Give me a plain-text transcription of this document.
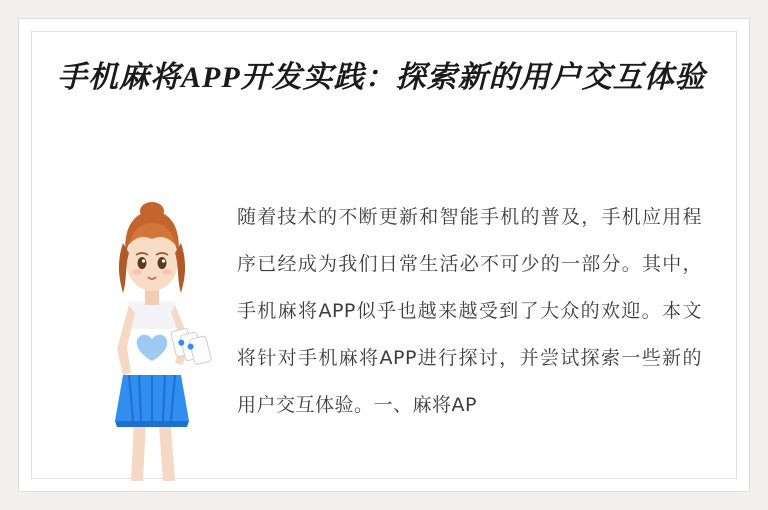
手机麻将APP开发实践：探索新的用户交互体验
随着技术的不断更新和智能手机的普及，手机应用程序已经成为我们日常生活必不可少的一部分。其中，手机麻将APP似乎也越来越受到了大众的欢迎。本文将针对手机麻将APP进行探讨，并尝试探索一些新的用户交互体验。一、麻将AP
